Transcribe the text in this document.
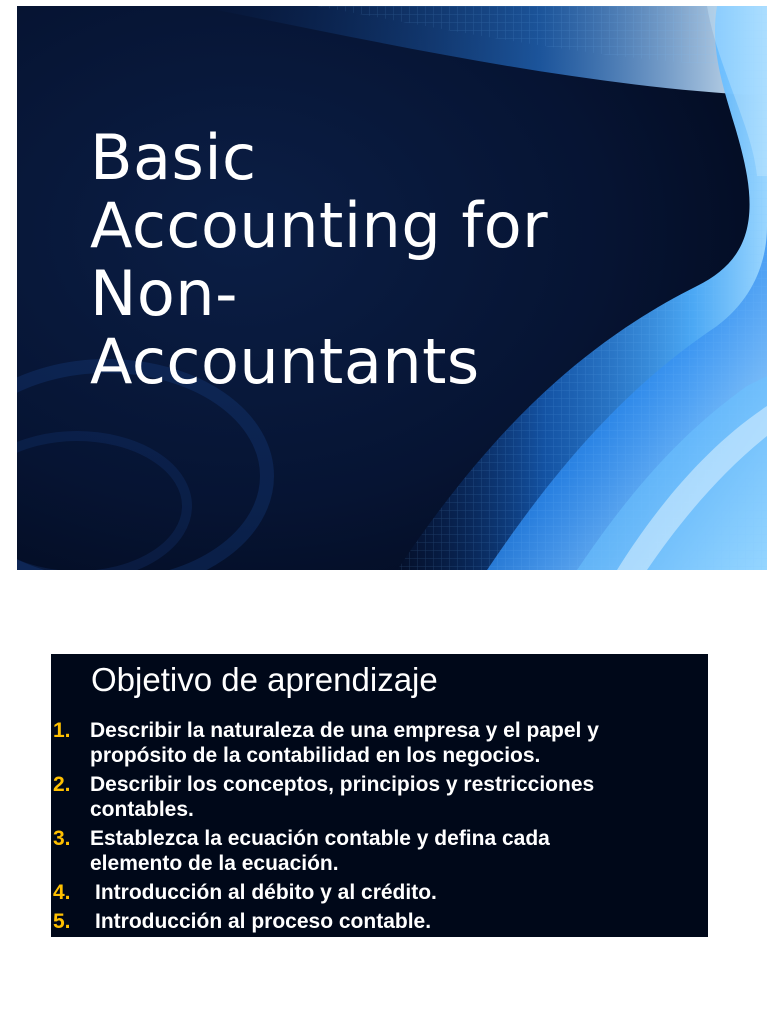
Basic
Accounting for
Non-
Accountants
Objetivo de aprendizaje
1. Describir la naturaleza de una empresa y el papel y
propósito de la contabilidad en los negocios.
2. Describir los conceptos, principios y restricciones
contables.
3. Establezca la ecuación contable y defina cada
elemento de la ecuación.
4. Introducción al débito y al crédito.
5. Introducción al proceso contable.
